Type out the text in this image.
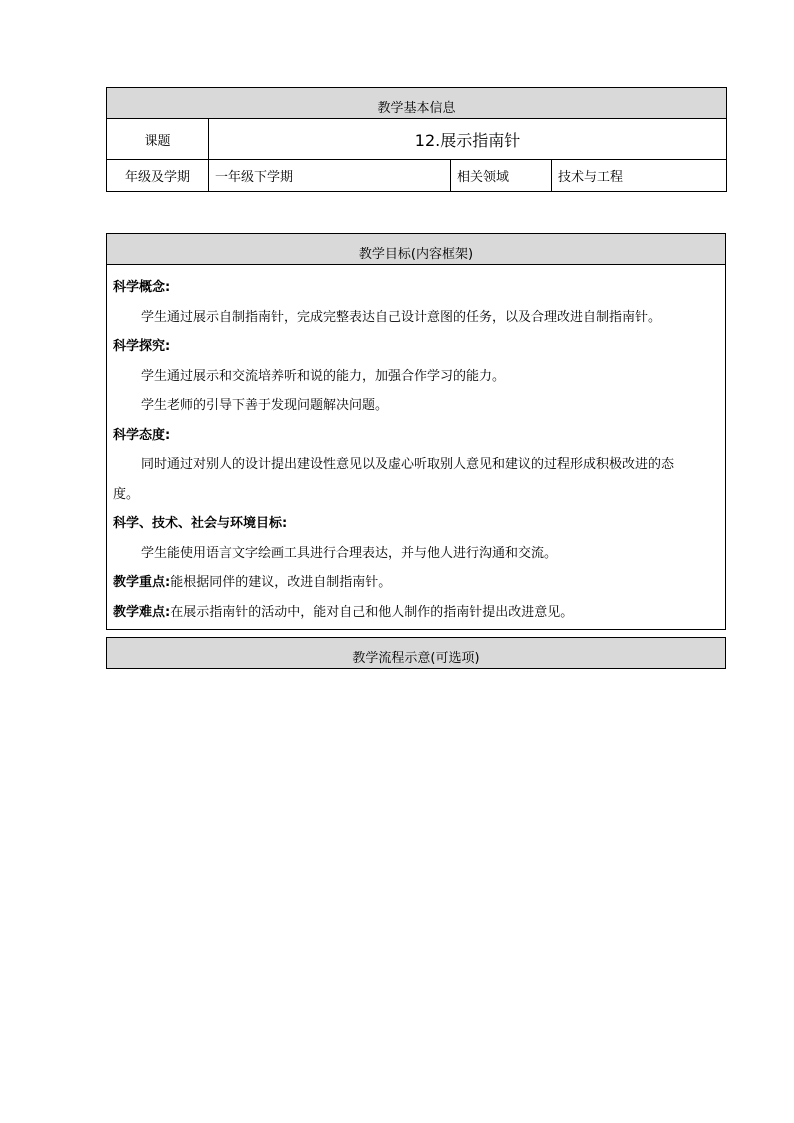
教学基本信息			
课题	12.展示指南针		
年级及学期	一年级下学期	相关领域	技术与工程
教学目标(内容框架)

科学概念:
学生通过展示自制指南针，完成完整表达自己设计意图的任务，以及合理改进自制指南针。
科学探究:
学生通过展示和交流培养听和说的能力，加强合作学习的能力。
学生老师的引导下善于发现问题解决问题。
科学态度:
同时通过对别人的设计提出建设性意见以及虚心听取别人意见和建议的过程形成积极改进的态
度。
科学、技术、社会与环境目标:
学生能使用语言文字绘画工具进行合理表达，并与他人进行沟通和交流。
教学重点:能根据同伴的建议，改进自制指南针。
教学难点:在展示指南针的活动中，能对自己和他人制作的指南针提出改进意见。
教学流程示意(可选项)
